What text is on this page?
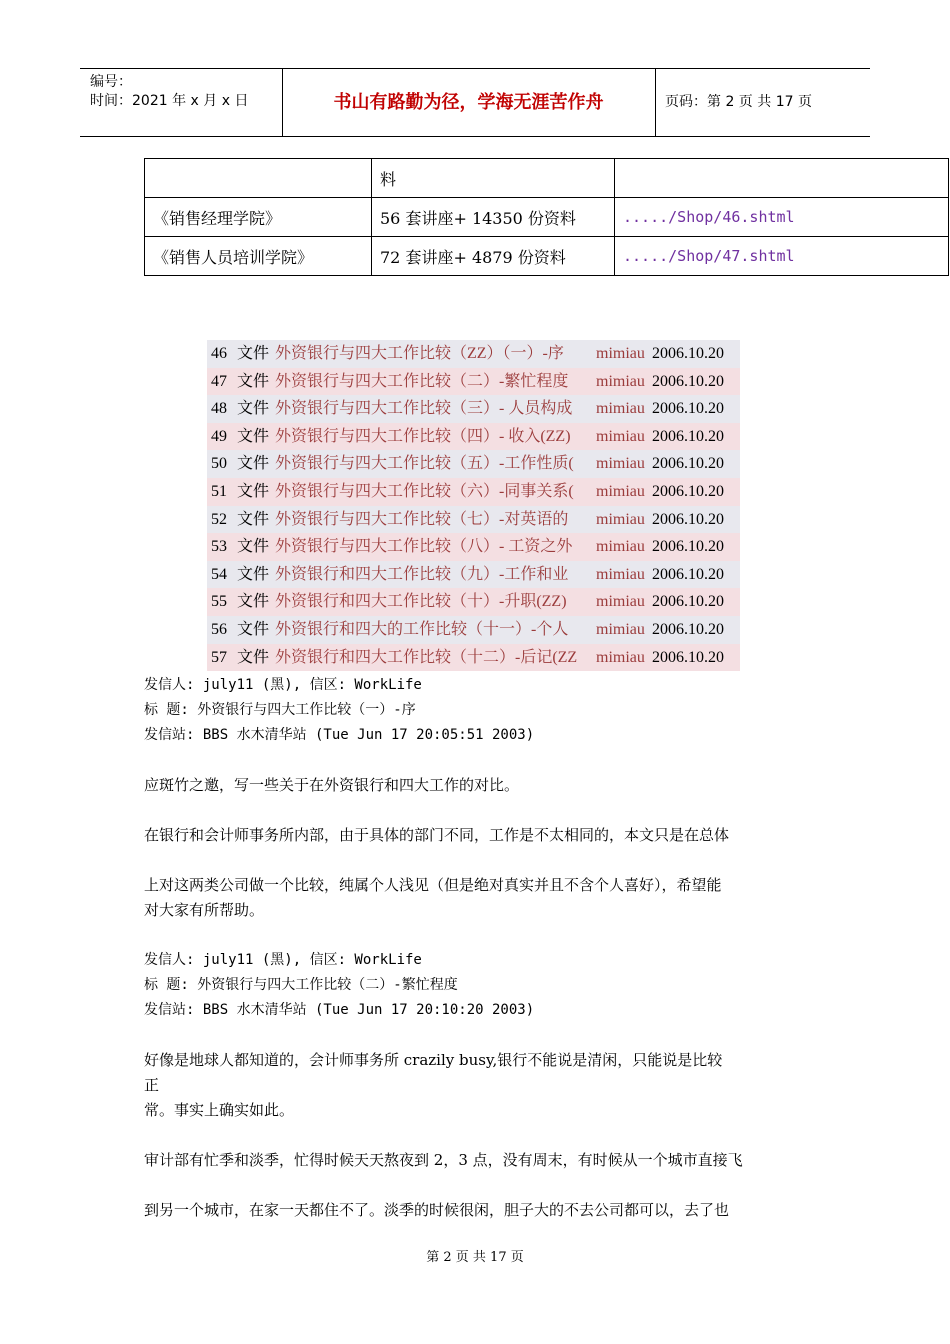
编号：
时间：2021 年 x 月 x 日	书山有路勤为径，学海无涯苦作舟	页码：第 2 页 共 17 页
	料	
《销售经理学院》	56 套讲座+ 14350 份资料	...../Shop/46.shtml
《销售人员培训学院》	72 套讲座+ 4879 份资料	...../Shop/47.shtml
46 文件 外资银行与四大工作比较（ZZ）（一）-序	mimiau 2006.10.20
47 文件 外资银行与四大工作比较（二）-繁忙程度	mimiau 2006.10.20
48 文件 外资银行与四大工作比较（三）- 人员构成	mimiau 2006.10.20
49 文件 外资银行与四大工作比较（四）- 收入(ZZ)	mimiau 2006.10.20
50 文件 外资银行与四大工作比较（五）-工作性质(	mimiau 2006.10.20
51 文件 外资银行与四大工作比较（六）-同事关系(	mimiau 2006.10.20
52 文件 外资银行与四大工作比较（七）-对英语的	mimiau 2006.10.20
53 文件 外资银行与四大工作比较（八）- 工资之外	mimiau 2006.10.20
54 文件 外资银行和四大工作比较（九）-工作和业	mimiau 2006.10.20
55 文件 外资银行和四大工作比较（十）-升职(ZZ)	mimiau 2006.10.20
56 文件 外资银行和四大的工作比较（十一）-个人	mimiau 2006.10.20
57 文件 外资银行和四大工作比较（十二）-后记(ZZ	mimiau 2006.10.20

发信人: july11 (黑), 信区: WorkLife

标 题: 外资银行与四大工作比较（一）-序

发信站: BBS 水木清华站 (Tue Jun 17 20:05:51 2003)

应斑竹之邀，写一些关于在外资银行和四大工作的对比。

在银行和会计师事务所内部，由于具体的部门不同，工作是不太相同的，本文只是在总体

上对这两类公司做一个比较，纯属个人浅见（但是绝对真实并且不含个人喜好），希望能

对大家有所帮助。

发信人: july11 (黑), 信区: WorkLife

标 题: 外资银行与四大工作比较（二）-繁忙程度

发信站: BBS 水木清华站 (Tue Jun 17 20:10:20 2003)

好像是地球人都知道的，会计师事务所 crazily busy,银行不能说是清闲，只能说是比较

正

常。事实上确实如此。

审计部有忙季和淡季，忙得时候天天熬夜到 2，3 点，没有周末，有时候从一个城市直接飞

到另一个城市，在家一天都住不了。淡季的时候很闲，胆子大的不去公司都可以，去了也

第 2 页 共 17 页
